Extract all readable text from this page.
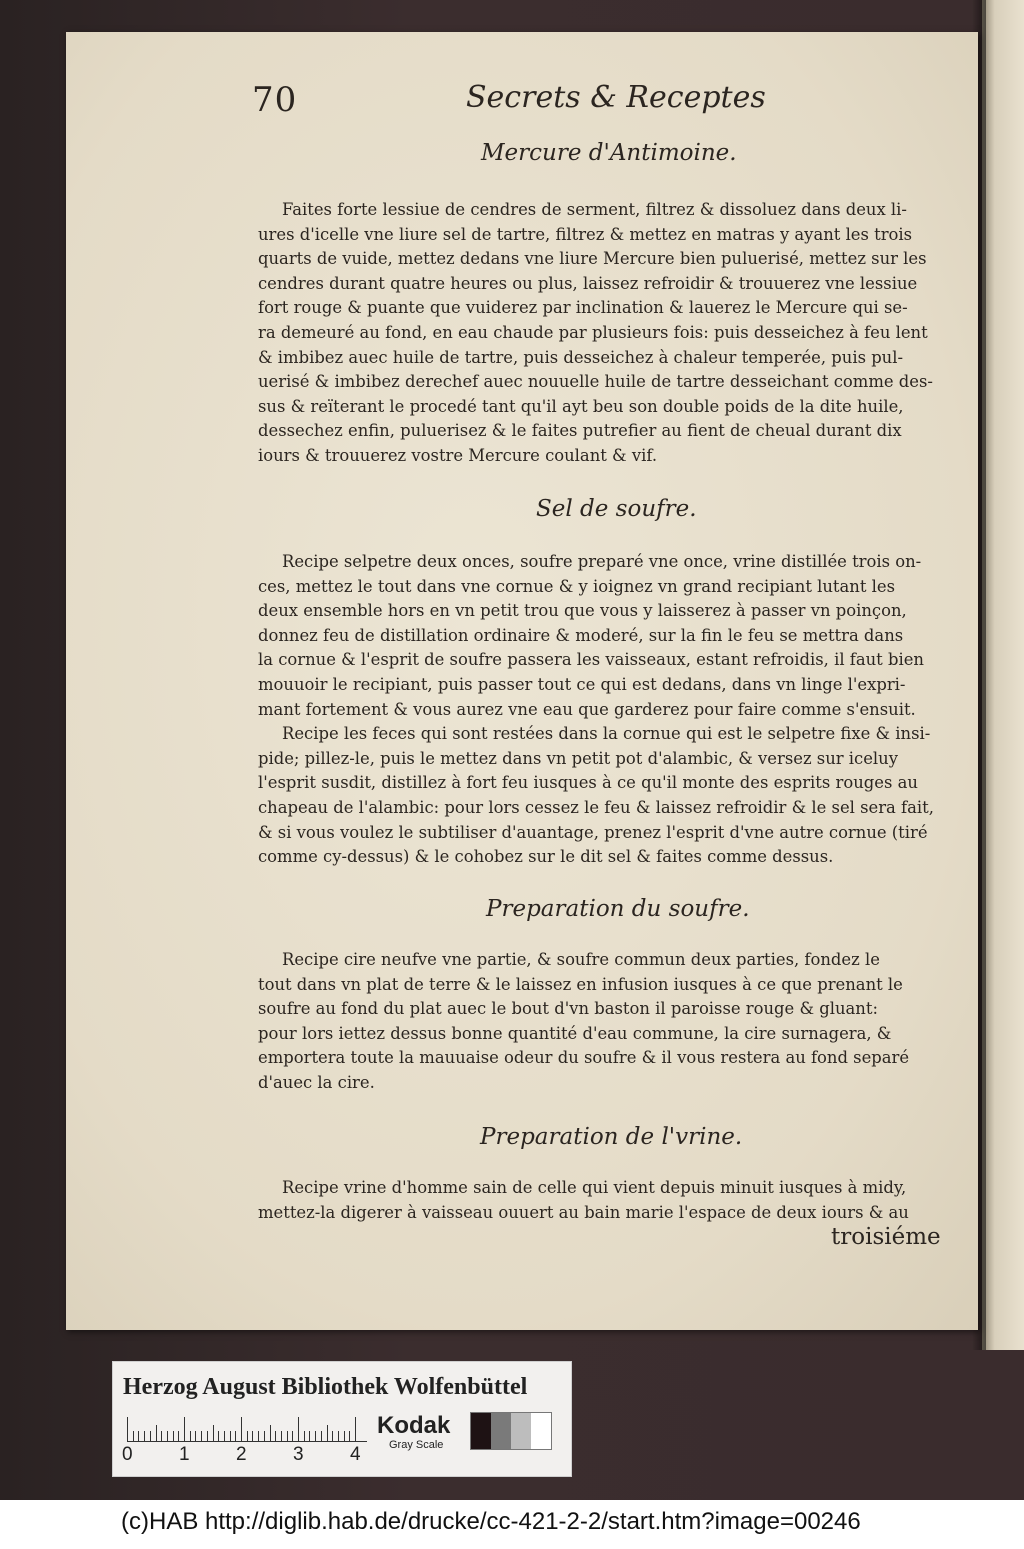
70	Secrets & Receptes
Mercure d'Antimoine.
Faites forte lessiue de cendres de serment, filtrez & dissoluez dans deux li-
ures d'icelle vne liure sel de tartre, filtrez & mettez en matras y ayant les trois
quarts de vuide, mettez dedans vne liure Mercure bien puluerisé, mettez sur les
cendres durant quatre heures ou plus, laissez refroidir & trouuerez vne lessiue
fort rouge & puante que vuiderez par inclination & lauerez le Mercure qui se-
ra demeuré au fond, en eau chaude par plusieurs fois: puis desseichez à feu lent
& imbibez auec huile de tartre, puis desseichez à chaleur temperée, puis pul-
uerisé & imbibez derechef auec nouuelle huile de tartre desseichant comme des-
sus & reïterant le procedé tant qu'il ayt beu son double poids de la dite huile,
dessechez enfin, puluerisez & le faites putrefier au fient de cheual durant dix
iours & trouuerez vostre Mercure coulant & vif.
Sel de soufre.
Recipe selpetre deux onces, soufre preparé vne once, vrine distillée trois on-
ces, mettez le tout dans vne cornue & y ioignez vn grand recipiant lutant les
deux ensemble hors en vn petit trou que vous y laisserez à passer vn poinçon,
donnez feu de distillation ordinaire & moderé, sur la fin le feu se mettra dans
la cornue & l'esprit de soufre passera les vaisseaux, estant refroidis, il faut bien
mouuoir le recipiant, puis passer tout ce qui est dedans, dans vn linge l'expri-
mant fortement & vous aurez vne eau que garderez pour faire comme s'ensuit.
Recipe les feces qui sont restées dans la cornue qui est le selpetre fixe & insi-
pide; pillez-le, puis le mettez dans vn petit pot d'alambic, & versez sur iceluy
l'esprit susdit, distillez à fort feu iusques à ce qu'il monte des esprits rouges au
chapeau de l'alambic: pour lors cessez le feu & laissez refroidir & le sel sera fait,
& si vous voulez le subtiliser d'auantage, prenez l'esprit d'vne autre cornue (tiré
comme cy-dessus) & le cohobez sur le dit sel & faites comme dessus.
Preparation du soufre.
Recipe cire neufve vne partie, & soufre commun deux parties, fondez le
tout dans vn plat de terre & le laissez en infusion iusques à ce que prenant le
soufre au fond du plat auec le bout d'vn baston il paroisse rouge & gluant:
pour lors iettez dessus bonne quantité d'eau commune, la cire surnagera, &
emportera toute la mauuaise odeur du soufre & il vous restera au fond separé
d'auec la cire.
Preparation de l'vrine.
Recipe vrine d'homme sain de celle qui vient depuis minuit iusques à midy,
mettez-la digerer à vaisseau ouuert au bain marie l'espace de deux iours & au
troisiéme
Herzog August Bibliothek Wolfenbüttel
0 1 2 3 4
Kodak
Gray Scale
(c)HAB http://diglib.hab.de/drucke/cc-421-2-2/start.htm?image=00246
